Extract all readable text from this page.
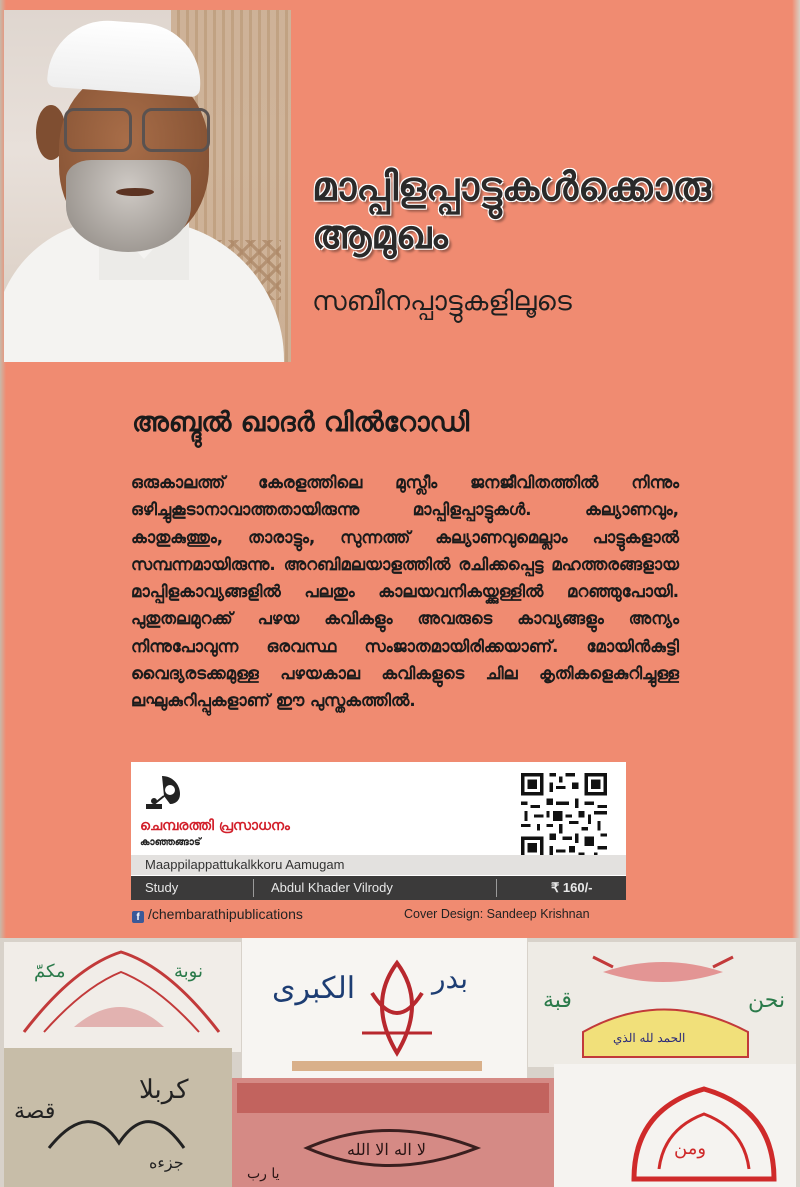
മാപ്പിളപ്പാട്ടുകൾക്കൊരു
ആമുഖം
സബീനപ്പാട്ടുകളിലൂടെ
അബ്ദുൽ ഖാദർ വിൽറോഡി
ഒരുകാലത്ത് കേരളത്തിലെ മുസ്ലീം ജനജീവിതത്തിൽ നിന്നും ഒഴിച്ചുകൂടാനാവാത്തതായിരുന്നു മാപ്പിളപ്പാട്ടുകൾ. കല്യാണവും, കാതുകുത്തും, താരാട്ടും, സുന്നത്ത് കല്യാണവുമെല്ലാം പാട്ടുകളാൽ സമ്പന്നമായിരുന്നു. അറബിമലയാളത്തിൽ രചിക്കപ്പെട്ട മഹത്തരങ്ങളായ മാപ്പിളകാവ്യങ്ങളിൽ പലതും കാലയവനികയ്ക്കുള്ളിൽ മറഞ്ഞുപോയി. പുതുതലമുറക്ക് പഴയ കവികളും അവരുടെ കാവ്യങ്ങളും അന്യം നിന്നുപോവുന്ന ഒരവസ്ഥ സംജാതമായിരിക്കയാണ്. മോയിൻകുട്ടി വൈദ്യരടക്കമുള്ള പഴയകാല കവികളുടെ ചില കൃതികളെകുറിച്ചുള്ള ലഘുകുറിപ്പുകളാണ് ഈ പുസ്തകത്തിൽ.
ചെമ്പരത്തി പ്രസാധനം
കാഞ്ഞങ്ങാട്
Maappilappattukalkkoru Aamugam
Study	Abdul Khader Vilrody	₹ 160/-
f /chembarathipublications	Cover Design: Sandeep Krishnan
مكمّ	نوبة الكبرى	بدر
قبة	نحن
الحمد لله الذي
كربلا
قصة
جزءه
لا اله الا الله
يا رب
ومن
